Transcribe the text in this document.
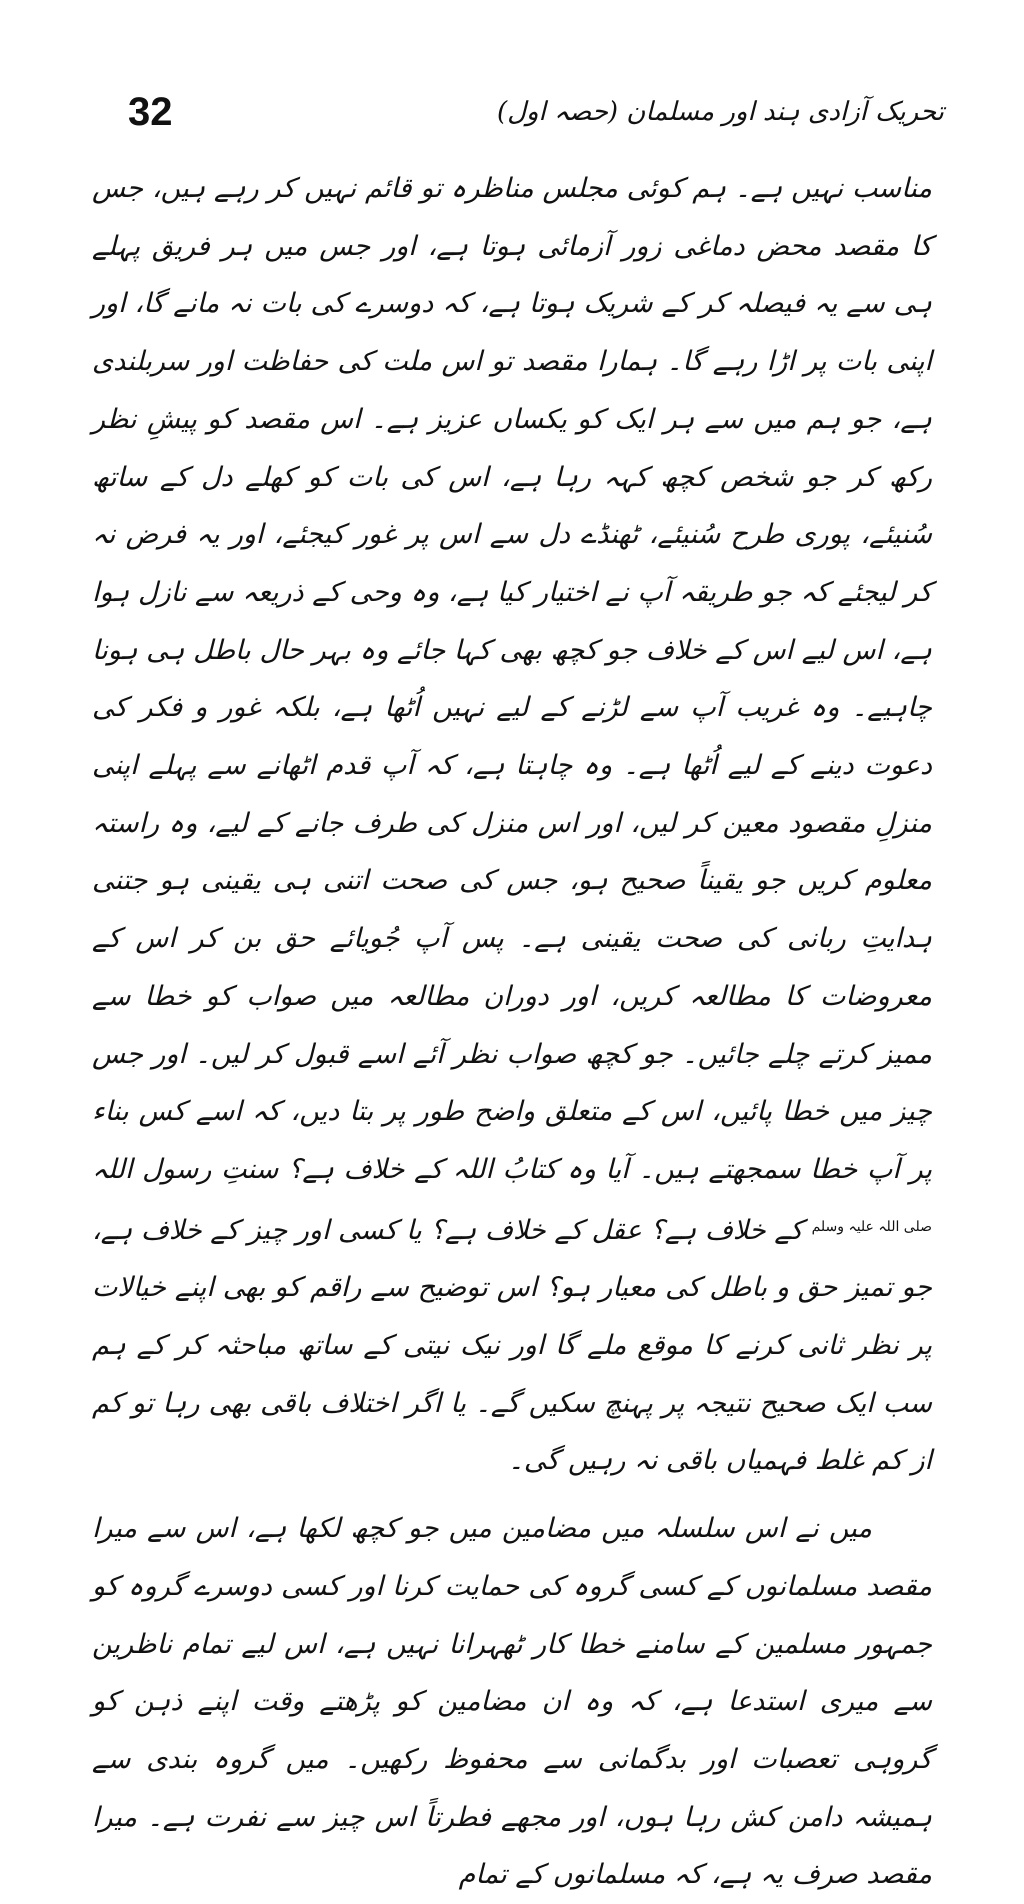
32	تحریک آزادی ہند اور مسلمان (حصہ اول)

مناسب نہیں ہے۔ ہم کوئی مجلس مناظرہ تو قائم نہیں کر رہے ہیں، جس کا مقصد محض دماغی زور آزمائی ہوتا ہے، اور جس میں ہر فریق پہلے ہی سے یہ فیصلہ کر کے شریک ہوتا ہے، کہ دوسرے کی بات نہ مانے گا، اور اپنی بات پر اڑا رہے گا۔ ہمارا مقصد تو اس ملت کی حفاظت اور سربلندی ہے، جو ہم میں سے ہر ایک کو یکساں عزیز ہے۔ اس مقصد کو پیشِ نظر رکھ کر جو شخص کچھ کہہ رہا ہے، اس کی بات کو کھلے دل کے ساتھ سُنیئے، پوری طرح سُنیئے، ٹھنڈے دل سے اس پر غور کیجئے، اور یہ فرض نہ کر لیجئے کہ جو طریقہ آپ نے اختیار کیا ہے، وہ وحی کے ذریعہ سے نازل ہوا ہے، اس لیے اس کے خلاف جو کچھ بھی کہا جائے وہ بہر حال باطل ہی ہونا چاہیے۔ وہ غریب آپ سے لڑنے کے لیے نہیں اُٹھا ہے، بلکہ غور و فکر کی دعوت دینے کے لیے اُٹھا ہے۔ وہ چاہتا ہے، کہ آپ قدم اٹھانے سے پہلے اپنی منزلِ مقصود معین کر لیں، اور اس منزل کی طرف جانے کے لیے، وہ راستہ معلوم کریں جو یقیناً صحیح ہو، جس کی صحت اتنی ہی یقینی ہو جتنی ہدایتِ ربانی کی صحت یقینی ہے۔ پس آپ جُویائے حق بن کر اس کے معروضات کا مطالعہ کریں، اور دوران مطالعہ میں صواب کو خطا سے ممیز کرتے چلے جائیں۔ جو کچھ صواب نظر آئے اسے قبول کر لیں۔ اور جس چیز میں خطا پائیں، اس کے متعلق واضح طور پر بتا دیں، کہ اسے کس بناء پر آپ خطا سمجھتے ہیں۔ آیا وہ کتابُ اللہ کے خلاف ہے؟ سنتِ رسول اللہ $^{صلی اللہ علیہ وسلم}$ کے خلاف ہے؟ عقل کے خلاف ہے؟ یا کسی اور چیز کے خلاف ہے، جو تمیز حق و باطل کی معیار ہو؟ اس توضیح سے راقم کو بھی اپنے خیالات پر نظر ثانی کرنے کا موقع ملے گا اور نیک نیتی کے ساتھ مباحثہ کر کے ہم سب ایک صحیح نتیجہ پر پہنچ سکیں گے۔ یا اگر اختلاف باقی بھی رہا تو کم از کم غلط فہمیاں باقی نہ رہیں گی۔

میں نے اس سلسلہ میں مضامین میں جو کچھ لکھا ہے، اس سے میرا مقصد مسلمانوں کے کسی گروہ کی حمایت کرنا اور کسی دوسرے گروہ کو جمہور مسلمین کے سامنے خطا کار ٹھہرانا نہیں ہے، اس لیے تمام ناظرین سے میری استدعا ہے، کہ وہ ان مضامین کو پڑھتے وقت اپنے ذہن کو گروہی تعصبات اور بدگمانی سے محفوظ رکھیں۔ میں گروہ بندی سے ہمیشہ دامن کش رہا ہوں، اور مجھے فطرتاً اس چیز سے نفرت ہے۔ میرا مقصد صرف یہ ہے، کہ مسلمانوں کے تمام
